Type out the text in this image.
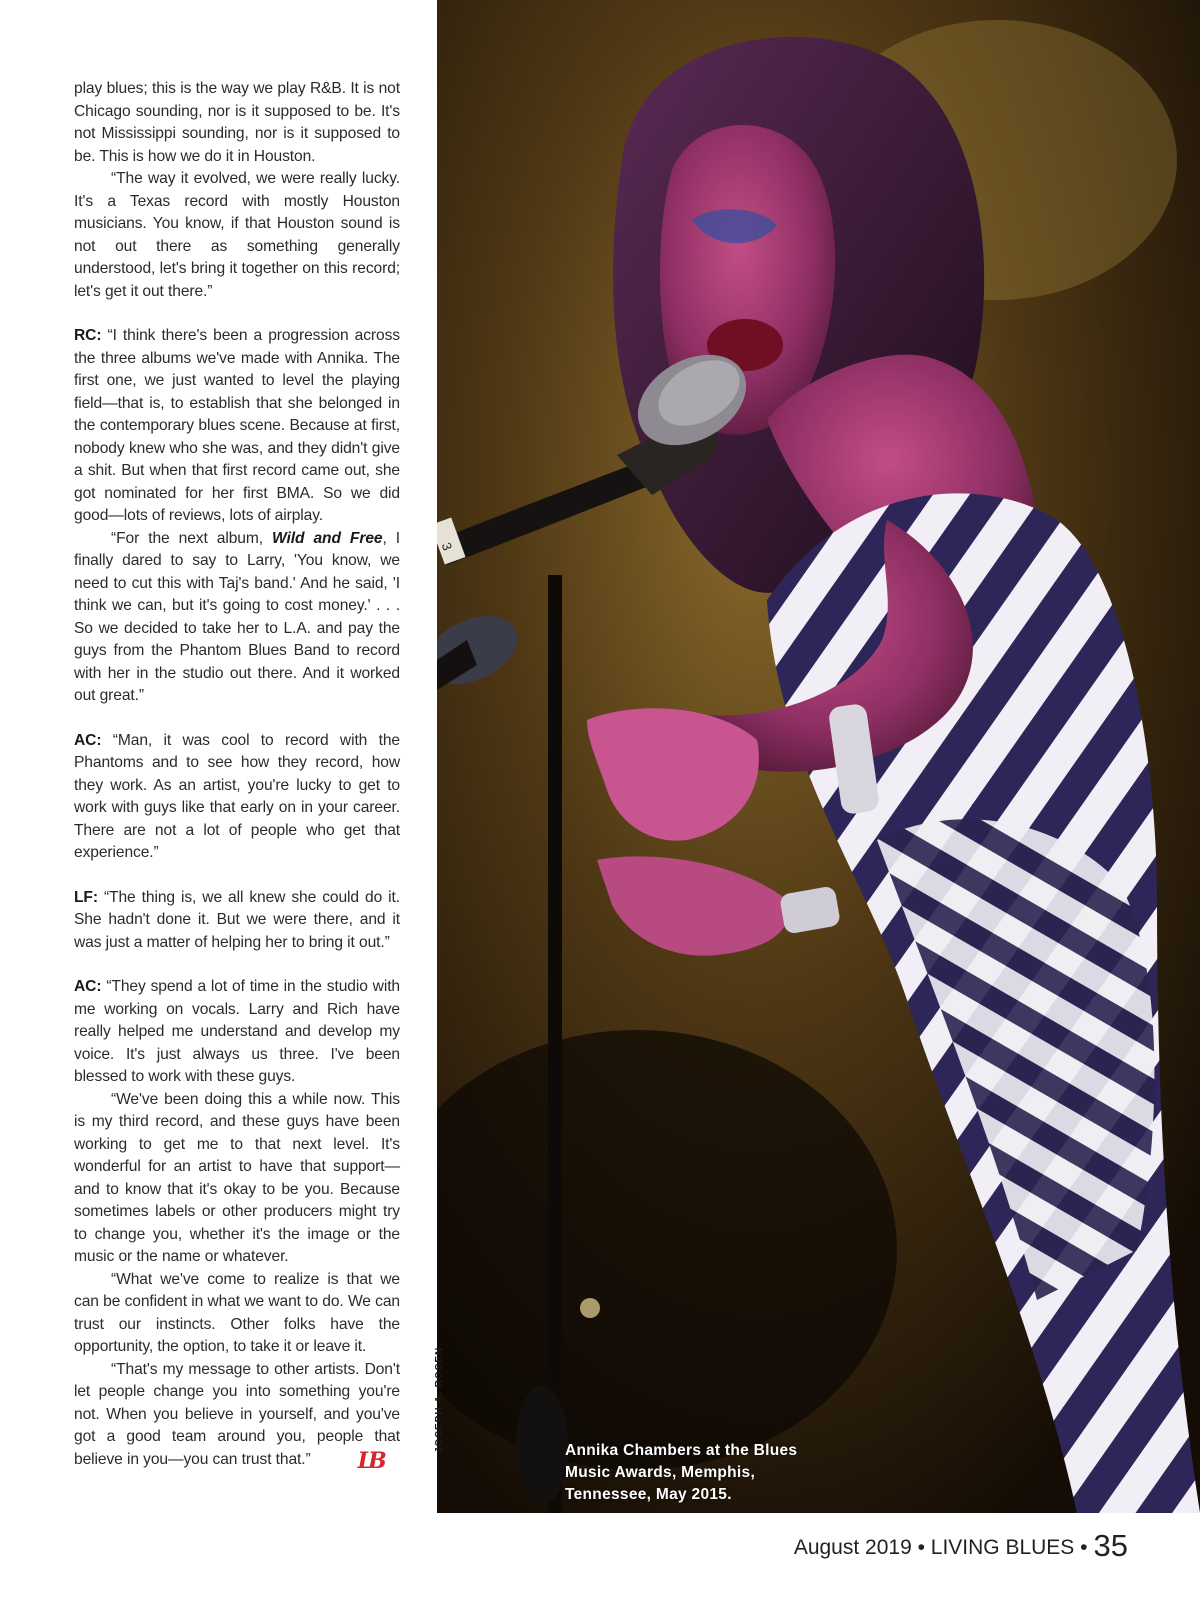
play blues; this is the way we play R&B. It is not Chicago sounding, nor is it supposed to be. It's not Mississippi sounding, nor is it supposed to be. This is how we do it in Houston.

“The way it evolved, we were really lucky. It's a Texas record with mostly Houston musicians. You know, if that Houston sound is not out there as something generally understood, let's bring it together on this record; let's get it out there.”

RC: “I think there's been a progression across the three albums we've made with Annika. The first one, we just wanted to level the playing field—that is, to establish that she belonged in the contemporary blues scene. Because at first, nobody knew who she was, and they didn't give a shit. But when that first record came out, she got nominated for her first BMA. So we did good—lots of reviews, lots of airplay.

“For the next album, Wild and Free, I finally dared to say to Larry, 'You know, we need to cut this with Taj's band.' And he said, 'I think we can, but it's going to cost money.' . . . So we decided to take her to L.A. and pay the guys from the Phantom Blues Band to record with her in the studio out there. And it worked out great.”

AC: “Man, it was cool to record with the Phantoms and to see how they record, how they work. As an artist, you're lucky to get to work with guys like that early on in your career. There are not a lot of people who get that experience.”

LF: “The thing is, we all knew she could do it. She hadn't done it. But we were there, and it was just a matter of helping her to bring it out.”

AC: “They spend a lot of time in the studio with me working on vocals. Larry and Rich have really helped me understand and develop my voice. It's just always us three. I've been blessed to work with these guys.

“We've been doing this a while now. This is my third record, and these guys have been working to get me to that next level. It's wonderful for an artist to have that support—and to know that it's okay to be you. Because sometimes labels or other producers might try to change you, whether it's the image or the music or the name or whatever.

“What we've come to realize is that we can be confident in what we want to do. We can trust our instincts. Other folks have the opportunity, the option, to take it or leave it.

“That's my message to other artists. Don't let people change you into something you're not. When you believe in yourself, and you've got a good team around you, people that believe in you—you can trust that.” LB

3

Annika Chambers at the Blues Music Awards, Memphis, Tennessee, May 2015.

JOSEPH A. ROSEN
August 2019 • LIVING BLUES • 35
